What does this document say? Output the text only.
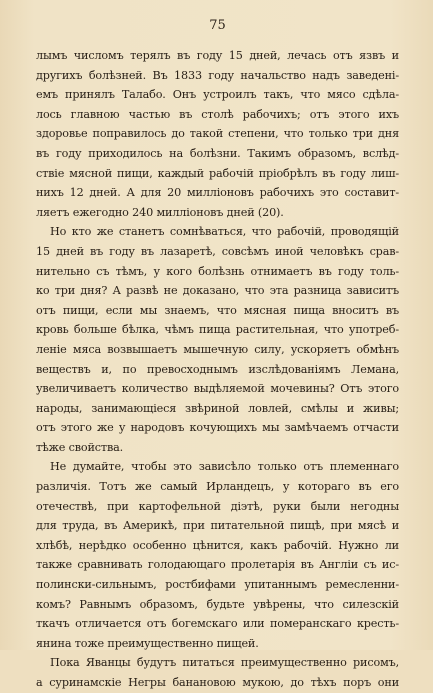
75
лымъ числомъ терялъ въ году 15 дней, лечась отъ язвъ и
другихъ болѣзней. Въ 1833 году начальство надъ заведені-
емъ принялъ Талабо. Онъ устроилъ такъ, что мясо сдѣла-
лось главною частью въ столѣ рабочихъ; отъ этого ихъ
здоровье поправилось до такой степени, что только три дня
въ году приходилось на болѣзни. Такимъ образомъ, вслѣд-
ствіе мясной пищи, каждый рабочій пріобрѣлъ въ году лиш-
нихъ 12 дней. А для 20 милліоновъ рабочихъ это составит-
ляетъ ежегодно 240 милліоновъ дней (20).
Но кто же станетъ сомнѣваться, что рабочій, проводящій
15 дней въ году въ лазаретѣ, совсѣмъ иной человѣкъ срав-
нительно съ тѣмъ, у кого болѣзнь отнимаетъ въ году толь-
ко три дня? А развѣ не доказано, что эта разница зависитъ
отъ пищи, если мы знаемъ, что мясная пища вноситъ въ
кровь больше бѣлка, чѣмъ пища растительная, что употреб-
леніе мяса возвышаетъ мышечную силу, ускоряетъ обмѣнъ
веществъ и, по превосходнымъ изслѣдованіямъ Лемана,
увеличиваетъ количество выдѣляемой мочевины? Отъ этого
народы, занимающіеся звѣриной ловлей, смѣлы и живы;
отъ этого же у народовъ кочующихъ мы замѣчаемъ отчасти
тѣже свойства.
Не думайте, чтобы это зависѣло только отъ племеннаго
различія. Тотъ же самый Ирландецъ, у котораго въ его
отечествѣ, при картофельной діэтѣ, руки были негодны
для труда, въ Америкѣ, при питательной пищѣ, при мясѣ и
хлѣбѣ, нерѣдко особенно цѣнится, какъ рабочій. Нужно ли
также сравнивать голодающаго пролетарія въ Англіи съ ис-
полински-сильнымъ, ростбифами упитаннымъ ремесленни-
комъ? Равнымъ образомъ, будьте увѣрены, что силезскій
ткачъ отличается отъ богемскаго или померанскаго кресть-
янина тоже преимущественно пищей.
Пока Яванцы будутъ питаться преимущественно рисомъ,
а суринамскіе Негры банановою мукою, до тѣхъ поръ они
